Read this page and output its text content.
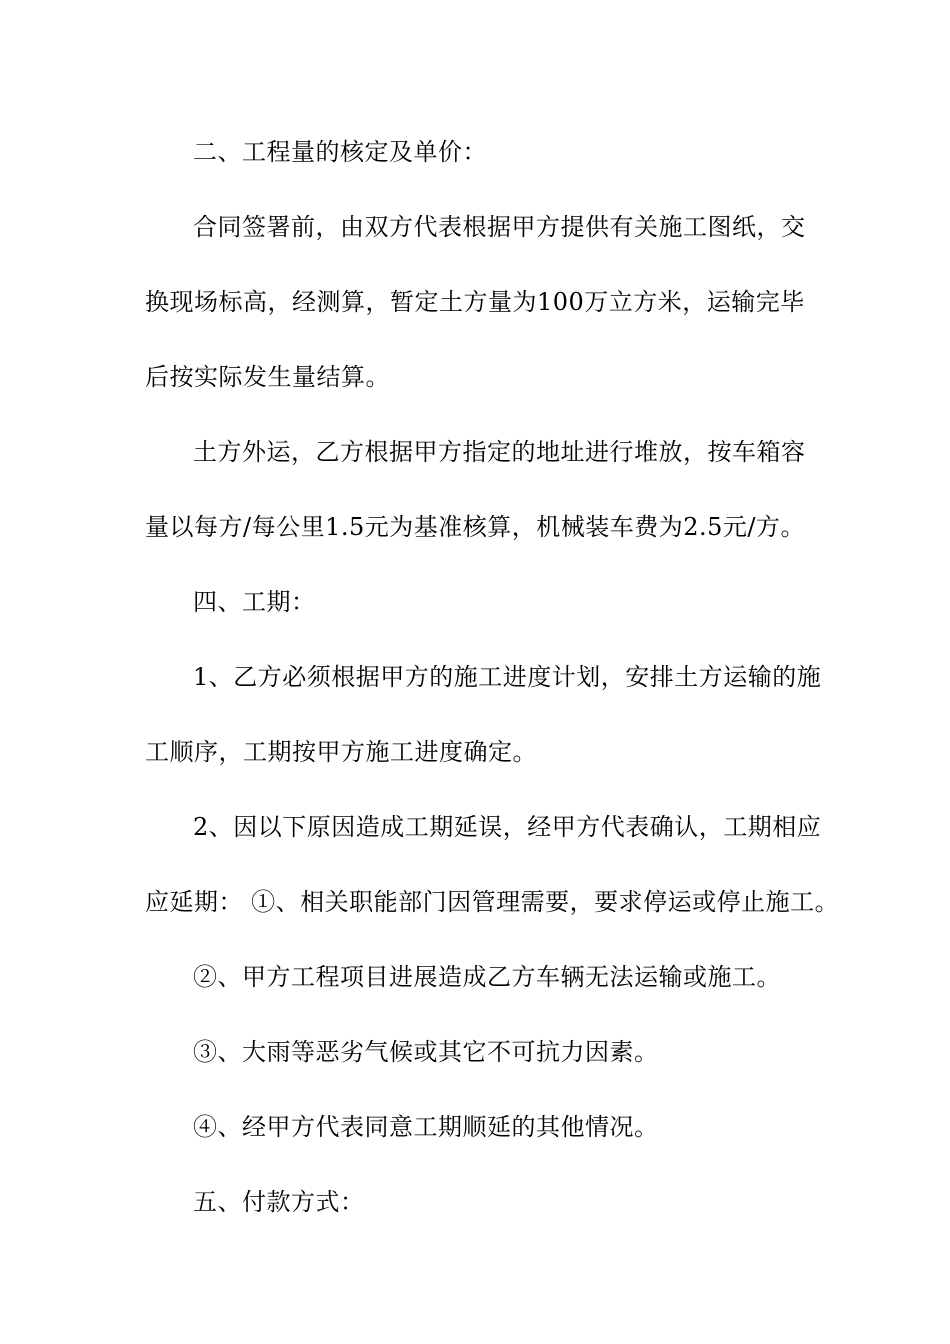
二、工程量的核定及单价：
合同签署前，由双方代表根据甲方提供有关施工图纸，交
换现场标高，经测算，暂定土方量为100万立方米，运输完毕
后按实际发生量结算。
土方外运，乙方根据甲方指定的地址进行堆放，按车箱容
量以每方/每公里1.5元为基准核算，机械装车费为2.5元/方。
四、工期：
1、乙方必须根据甲方的施工进度计划，安排土方运输的施
工顺序，工期按甲方施工进度确定。
2、因以下原因造成工期延误，经甲方代表确认，工期相应
应延期： ①、相关职能部门因管理需要，要求停运或停止施工。
②、甲方工程项目进展造成乙方车辆无法运输或施工。
③、大雨等恶劣气候或其它不可抗力因素。
④、经甲方代表同意工期顺延的其他情况。
五、付款方式：
